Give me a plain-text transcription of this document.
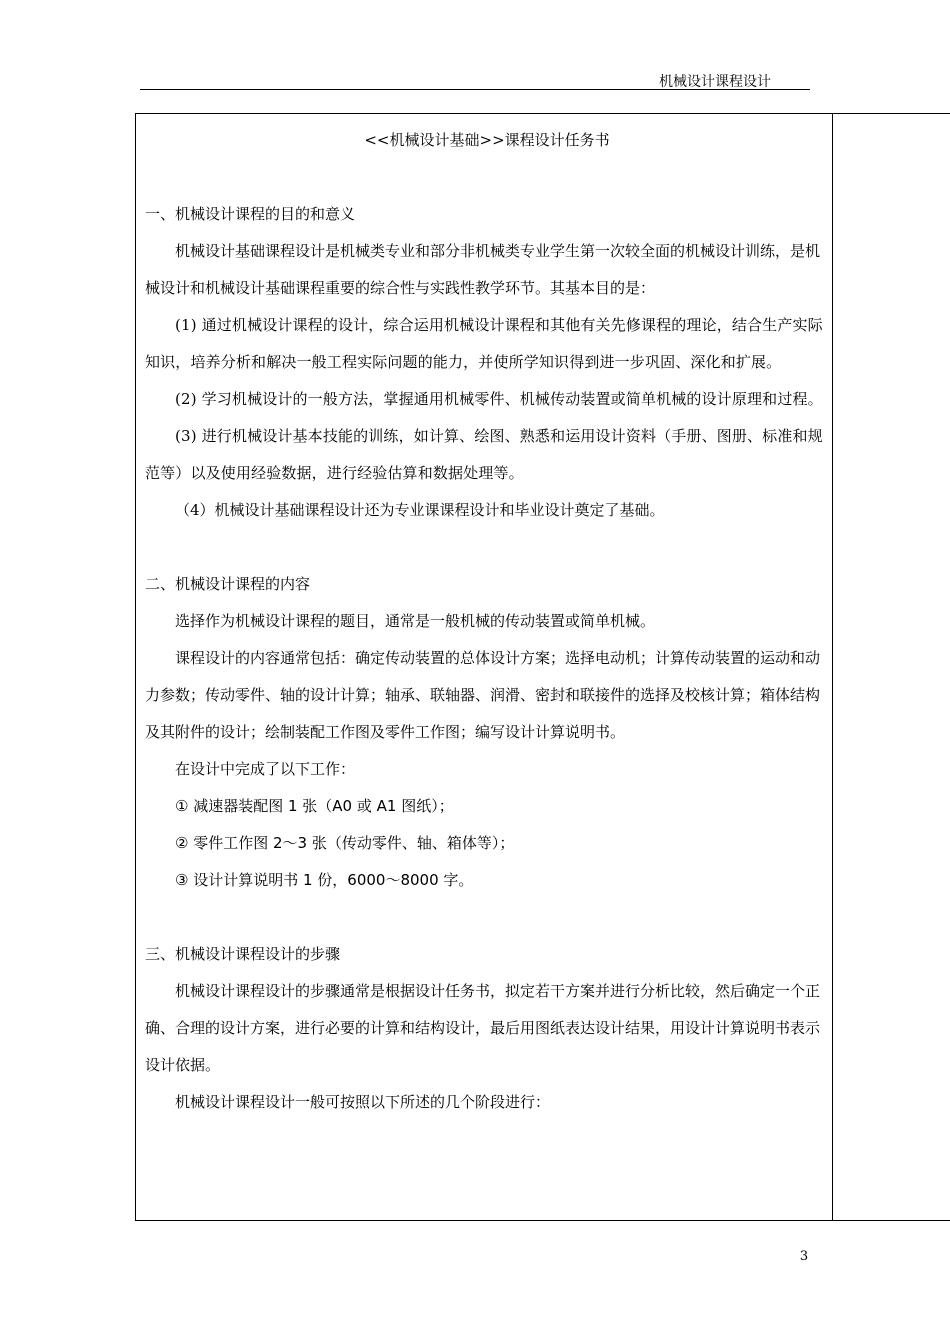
机械设计课程设计

<<机械设计基础>>课程设计任务书

一、机械设计课程的目的和意义

机械设计基础课程设计是机械类专业和部分非机械类专业学生第一次较全面的机械设计训练，是机械设计和机械设计基础课程重要的综合性与实践性教学环节。其基本目的是：

(1) 通过机械设计课程的设计，综合运用机械设计课程和其他有关先修课程的理论，结合生产实际知识，培养分析和解决一般工程实际问题的能力，并使所学知识得到进一步巩固、深化和扩展。

(2) 学习机械设计的一般方法，掌握通用机械零件、机械传动装置或简单机械的设计原理和过程。

(3) 进行机械设计基本技能的训练，如计算、绘图、熟悉和运用设计资料（手册、图册、标准和规范等）以及使用经验数据，进行经验估算和数据处理等。

（4）机械设计基础课程设计还为专业课课程设计和毕业设计奠定了基础。

二、机械设计课程的内容

选择作为机械设计课程的题目，通常是一般机械的传动装置或简单机械。

课程设计的内容通常包括：确定传动装置的总体设计方案；选择电动机；计算传动装置的运动和动力参数；传动零件、轴的设计计算；轴承、联轴器、润滑、密封和联接件的选择及校核计算；箱体结构及其附件的设计；绘制装配工作图及零件工作图；编写设计计算说明书。

在设计中完成了以下工作：

① 减速器装配图 1 张（A0 或 A1 图纸）；

② 零件工作图 2～3 张（传动零件、轴、箱体等）；

③ 设计计算说明书 1 份，6000～8000 字。

三、机械设计课程设计的步骤

机械设计课程设计的步骤通常是根据设计任务书，拟定若干方案并进行分析比较，然后确定一个正确、合理的设计方案，进行必要的计算和结构设计，最后用图纸表达设计结果，用设计计算说明书表示设计依据。

机械设计课程设计一般可按照以下所述的几个阶段进行：

3
